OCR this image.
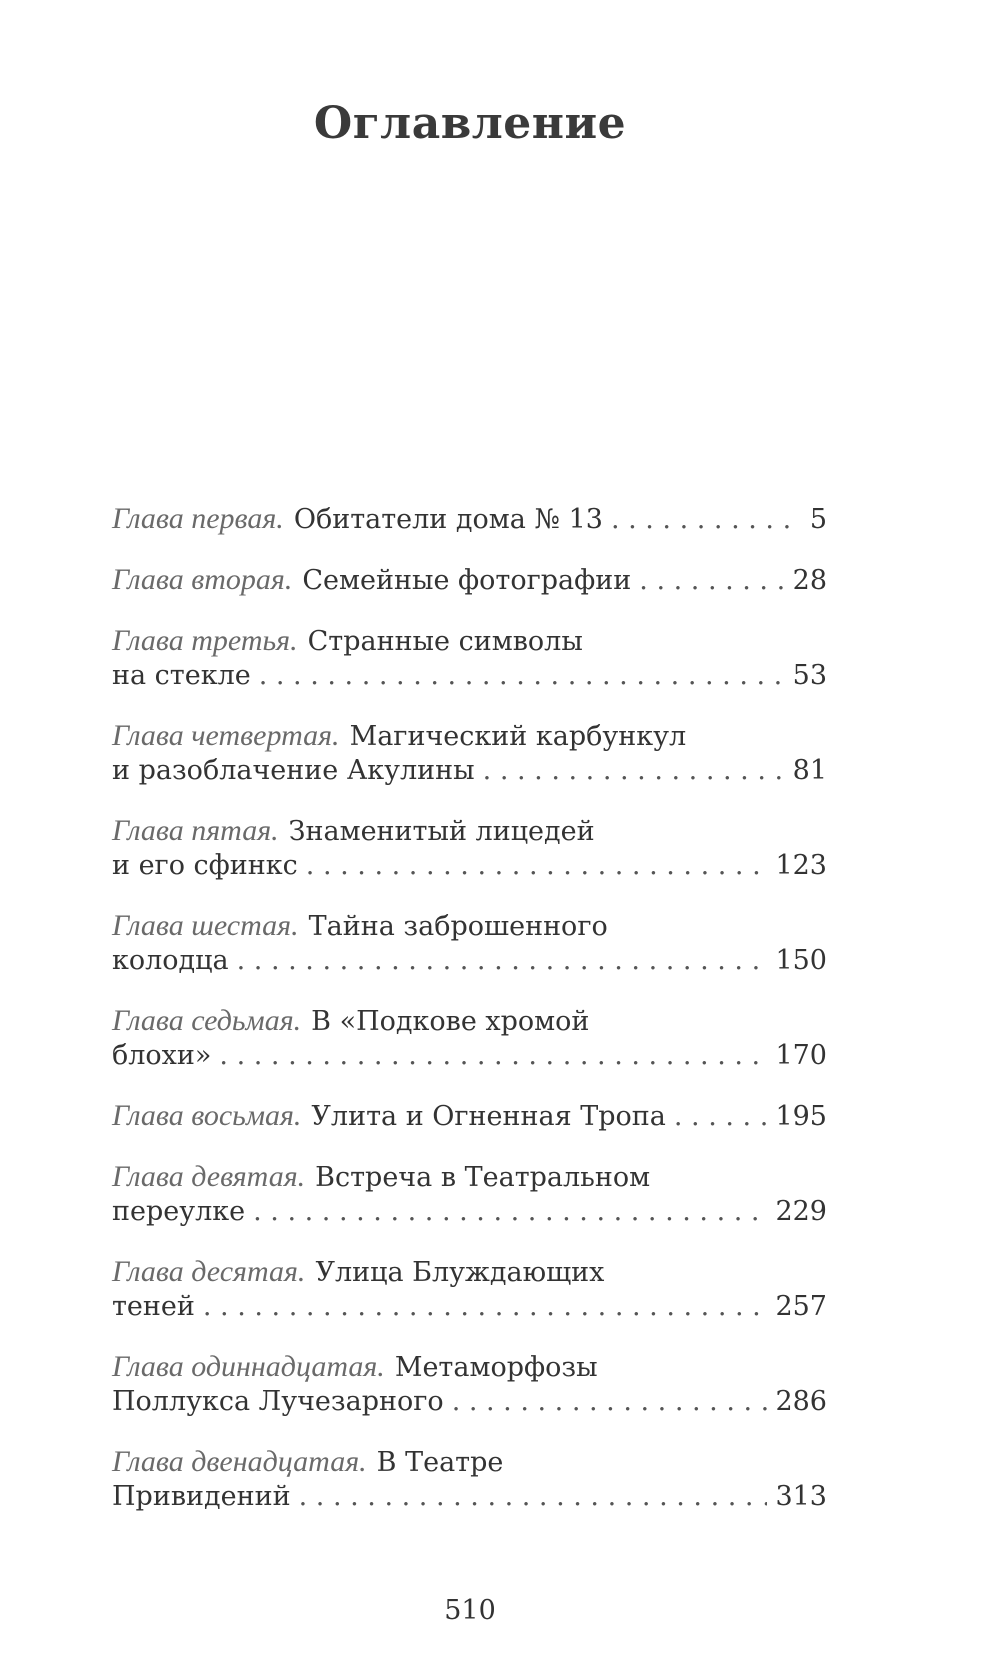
Оглавление
Глава первая. Обитатели дома № 13 . . .	5
Глава вторая. Семейные фотографии . . .	28
Глава третья. Странные символы
на стекле . . .	53
Глава четвертая. Магический карбункул
и разоблачение Акулины . . .	81
Глава пятая. Знаменитый лицедей
и его сфинкс . . .	123
Глава шестая. Тайна заброшенного
колодца . . .	150
Глава седьмая. В «Подкове хромой
блохи» . . .	170
Глава восьмая. Улита и Огненная Тропа . . .	195
Глава девятая. Встреча в Театральном
переулке . . .	229
Глава десятая. Улица Блуждающих
теней . . .	257
Глава одиннадцатая. Метаморфозы
Поллукса Лучезарного . . .	286
Глава двенадцатая. В Театре
Привидений . . .	313
510
